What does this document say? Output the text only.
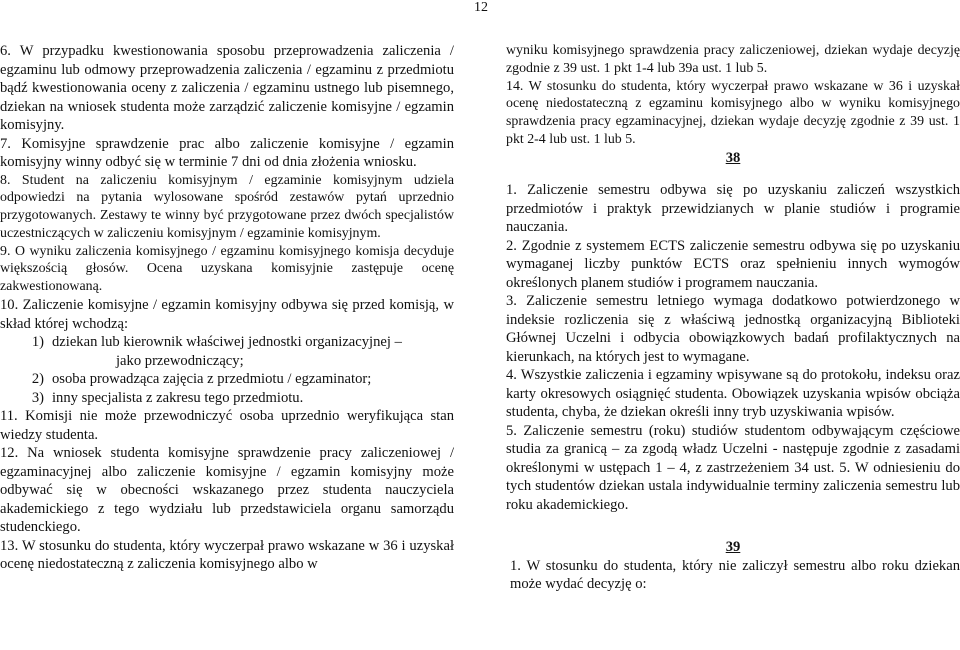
12

6. W przypadku kwestionowania sposobu przeprowadzenia zaliczenia / egzaminu lub odmowy przeprowadzenia zaliczenia / egzaminu z przedmiotu bądź kwestionowania oceny z zaliczenia / egzaminu ustnego lub pisemnego, dziekan na wniosek studenta może zarządzić zaliczenie komisyjne / egzamin komisyjny.

7. Komisyjne sprawdzenie prac albo zaliczenie komisyjne / egzamin komisyjny winny odbyć się w terminie 7 dni od dnia złożenia wniosku.

8. Student na zaliczeniu komisyjnym / egzaminie komisyjnym udziela odpowiedzi na pytania wylosowane spośród zestawów pytań uprzednio przygotowanych. Zestawy te winny być przygotowane przez dwóch specjalistów uczestniczących w zaliczeniu komisyjnym / egzaminie komisyjnym.

9. O wyniku zaliczenia komisyjnego / egzaminu komisyjnego komisja decyduje większością głosów. Ocena uzyskana komisyjnie zastępuje ocenę zakwestionowaną.

10. Zaliczenie komisyjne / egzamin komisyjny odbywa się przed komisją, w skład której wchodzą:

1) dziekan lub kierownik właściwej jednostki organizacyjnej –
jako przewodniczący;
2) osoba prowadząca zajęcia z przedmiotu / egzaminator;
3) inny specjalista z zakresu tego przedmiotu.

11. Komisji nie może przewodniczyć osoba uprzednio weryfikująca stan wiedzy studenta.

12. Na wniosek studenta komisyjne sprawdzenie pracy zaliczeniowej / egzaminacyjnej albo zaliczenie komisyjne / egzamin komisyjny może odbywać się w obecności wskazanego przez studenta nauczyciela akademickiego z tego wydziału lub przedstawiciela organu samorządu studenckiego.

13. W stosunku do studenta, który wyczerpał prawo wskazane w 36 i uzyskał ocenę niedostateczną z zaliczenia komisyjnego albo w

wyniku komisyjnego sprawdzenia pracy zaliczeniowej, dziekan wydaje decyzję zgodnie z 39 ust. 1 pkt 1-4 lub 39a ust. 1 lub 5.

14. W stosunku do studenta, który wyczerpał prawo wskazane w 36 i uzyskał ocenę niedostateczną z egzaminu komisyjnego albo w wyniku komisyjnego sprawdzenia pracy egzaminacyjnej, dziekan wydaje decyzję zgodnie z 39 ust. 1 pkt 2-4 lub ust. 1 lub 5.

38

1. Zaliczenie semestru odbywa się po uzyskaniu zaliczeń wszystkich przedmiotów i praktyk przewidzianych w planie studiów i programie nauczania.

2. Zgodnie z systemem ECTS zaliczenie semestru odbywa się po uzyskaniu wymaganej liczby punktów ECTS oraz spełnieniu innych wymogów określonych planem studiów i programem nauczania.

3. Zaliczenie semestru letniego wymaga dodatkowo potwierdzonego w indeksie rozliczenia się z właściwą jednostką organizacyjną Biblioteki Głównej Uczelni i odbycia obowiązkowych badań profilaktycznych na kierunkach, na których jest to wymagane.

4. Wszystkie zaliczenia i egzaminy wpisywane są do protokołu, indeksu oraz karty okresowych osiągnięć studenta. Obowiązek uzyskania wpisów obciąża studenta, chyba, że dziekan określi inny tryb uzyskiwania wpisów.

5. Zaliczenie semestru (roku) studiów studentom odbywającym częściowe studia za granicą – za zgodą władz Uczelni - następuje zgodnie z zasadami określonymi w ustępach 1 – 4, z zastrzeżeniem 34 ust. 5. W odniesieniu do tych studentów dziekan ustala indywidualnie terminy zaliczenia semestru lub roku akademickiego.

39

1. W stosunku do studenta, który nie zaliczył semestru albo roku dziekan może wydać decyzję o:
